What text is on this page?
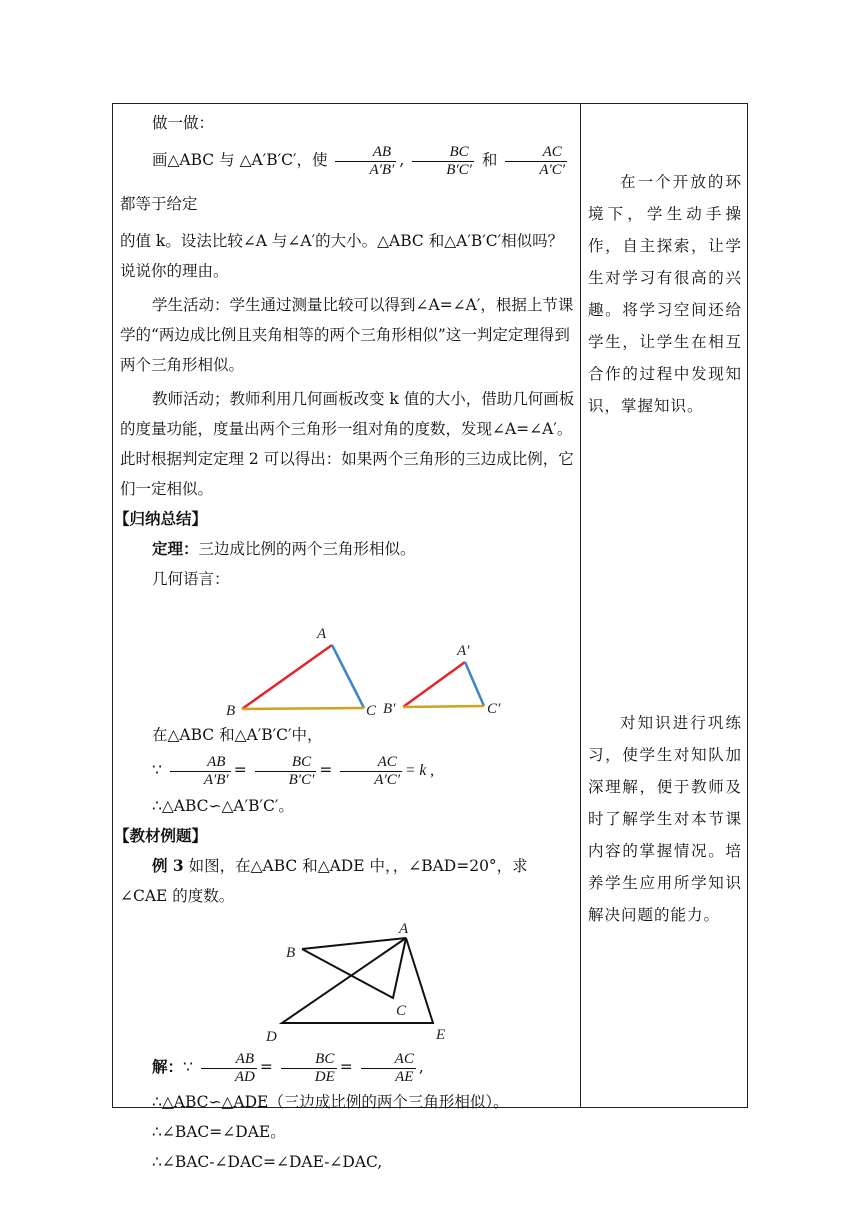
做一做：

画△ABC 与 △A′B′C′，使 $\frac{AB}{A'B'}$ , $\frac{BC}{B'C'}$ 和 $\frac{AC}{A'C'}$
都等于给定

的值 k。设法比较∠A 与∠A′的大小。△ABC 和△A′B′C′相似吗？说说你的理由。

学生活动：学生通过测量比较可以得到∠A=∠A′，根据上节课学的“两边成比例且夹角相等的两个三角形相似”这一判定定理得到两个三角形相似。

教师活动；教师利用几何画板改变 k 值的大小，借助几何画板的度量功能，度量出两个三角形一组对角的度数，发现∠A=∠A′。此时根据判定定理 2 可以得出：如果两个三角形的三边成比例，它们一定相似。

【归纳总结】

定理：三边成比例的两个三角形相似。

几何语言：

A
B	C
A′
B′	C′

在△ABC 和△A′B′C′中，

∵ $\frac{AB}{A'B'} = \frac{BC}{B'C'} = \frac{AC}{A'C'} = k$ ,

∴△ABC∽△A′B′C′。

【教材例题】

例 3 如图，在△ABC 和△ADE 中，，∠BAD=20°，求∠CAE 的度数。

A
B
C
D	E

解：∵ $\frac{AB}{AD} = \frac{BC}{DE} = \frac{AC}{AE}$ ,

∴△ABC∽△ADE（三边成比例的两个三角形相似）。

∴∠BAC=∠DAE。

∴∠BAC-∠DAC=∠DAE-∠DAC,

在一个开放的环境下，学生动手操作，自主探索，让学生对学习有很高的兴趣。将学习空间还给学生，让学生在相互合作的过程中发现知识，掌握知识。

对知识进行巩练习，使学生对知队加深理解，便于教师及时了解学生对本节课内容的掌握情况。培养学生应用所学知识解决问题的能力。
